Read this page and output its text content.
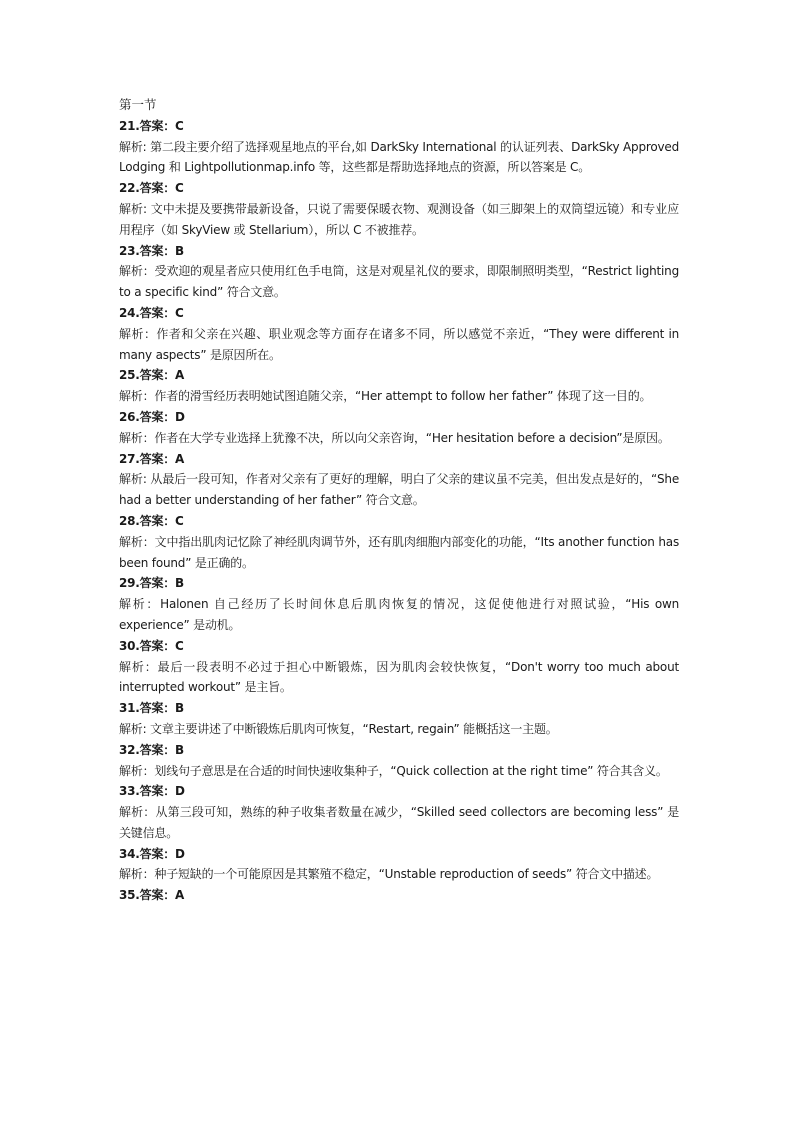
第一节
21.答案：C
解析: 第二段主要介绍了选择观星地点的平台,如 DarkSky International 的认证列表、DarkSky Approved Lodging 和 Lightpollutionmap.info 等，这些都是帮助选择地点的资源，所以答案是 C。
22.答案：C
解析: 文中未提及要携带最新设备，只说了需要保暖衣物、观测设备（如三脚架上的双筒望远镜）和专业应用程序（如 SkyView 或 Stellarium），所以 C 不被推荐。
23.答案：B
解析：受欢迎的观星者应只使用红色手电筒，这是对观星礼仪的要求，即限制照明类型，“Restrict lighting to a specific kind” 符合文意。
24.答案：C
解析：作者和父亲在兴趣、职业观念等方面存在诸多不同，所以感觉不亲近，“They were different in many aspects” 是原因所在。
25.答案：A
解析：作者的滑雪经历表明她试图追随父亲，“Her attempt to follow her father” 体现了这一目的。
26.答案：D
解析：作者在大学专业选择上犹豫不决，所以向父亲咨询，“Her hesitation before a decision”是原因。
27.答案：A
解析: 从最后一段可知，作者对父亲有了更好的理解，明白了父亲的建议虽不完美，但出发点是好的，“She had a better understanding of her father” 符合文意。
28.答案：C
解析：文中指出肌肉记忆除了神经肌肉调节外，还有肌肉细胞内部变化的功能，“Its another function has been found” 是正确的。
29.答案：B
解析：Halonen 自己经历了长时间休息后肌肉恢复的情况，这促使他进行对照试验，“His own experience” 是动机。
30.答案：C
解析：最后一段表明不必过于担心中断锻炼，因为肌肉会较快恢复，“Don't worry too much about interrupted workout” 是主旨。
31.答案：B
解析: 文章主要讲述了中断锻炼后肌肉可恢复，“Restart, regain” 能概括这一主题。
32.答案：B
解析：划线句子意思是在合适的时间快速收集种子，“Quick collection at the right time” 符合其含义。
33.答案：D
解析：从第三段可知，熟练的种子收集者数量在减少，“Skilled seed collectors are becoming less” 是关键信息。
34.答案：D
解析：种子短缺的一个可能原因是其繁殖不稳定，“Unstable reproduction of seeds” 符合文中描述。
35.答案：A
